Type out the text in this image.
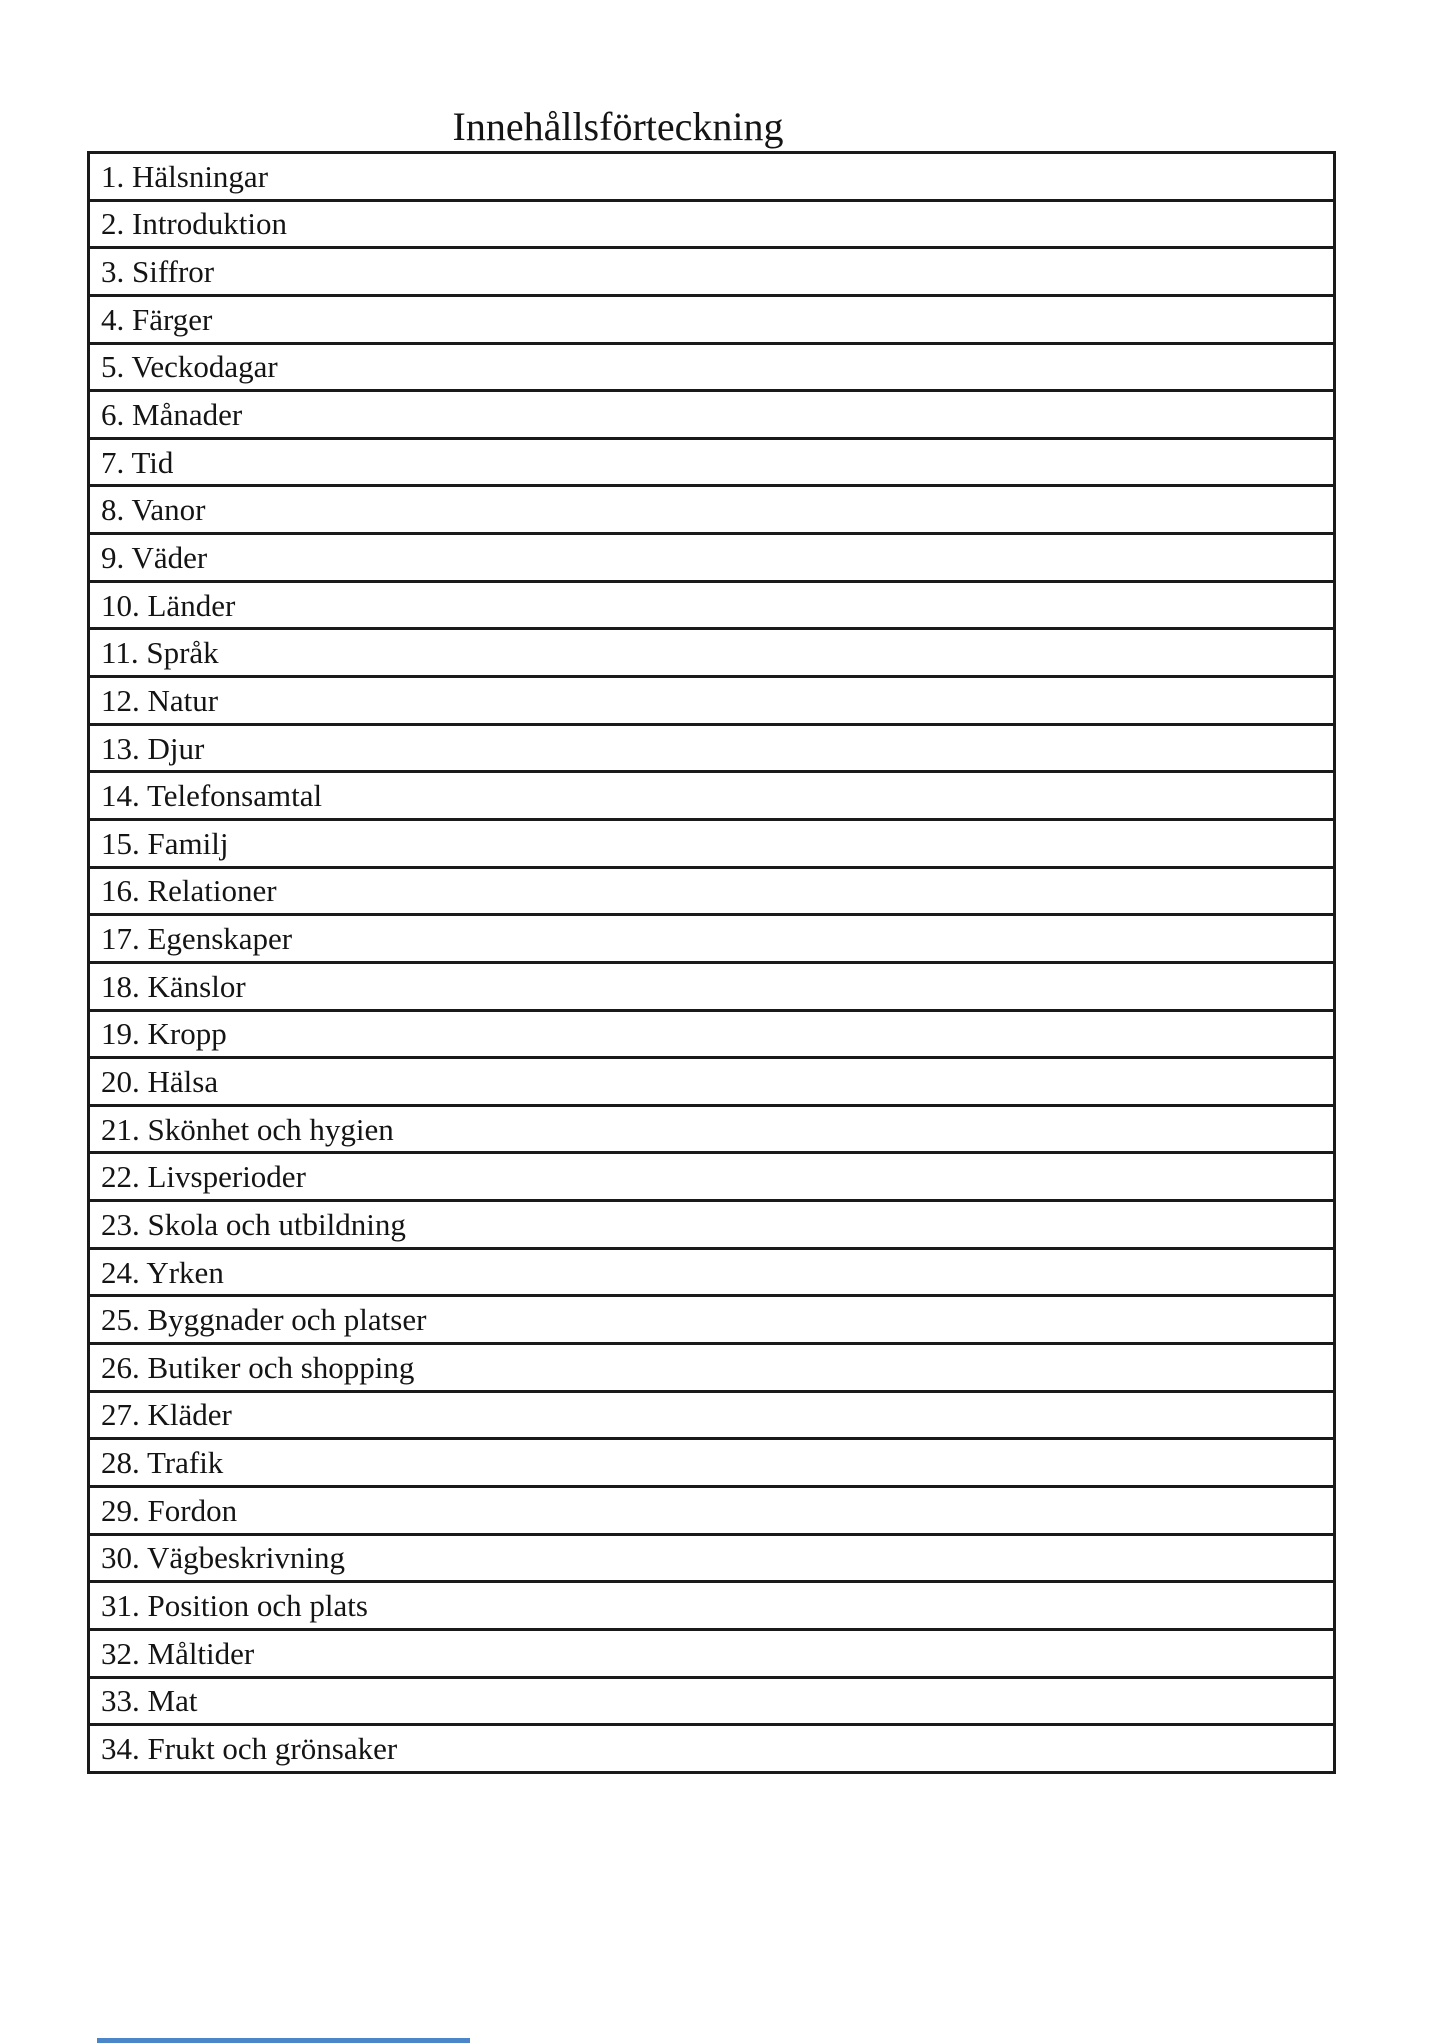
Innehållsförteckning
1. Hälsningar
2. Introduktion
3. Siffror
4. Färger
5. Veckodagar
6. Månader
7. Tid
8. Vanor
9. Väder
10. Länder
11. Språk
12. Natur
13. Djur
14. Telefonsamtal
15. Familj
16. Relationer
17. Egenskaper
18. Känslor
19. Kropp
20. Hälsa
21. Skönhet och hygien
22. Livsperioder
23. Skola och utbildning
24. Yrken
25. Byggnader och platser
26. Butiker och shopping
27. Kläder
28. Trafik
29. Fordon
30. Vägbeskrivning
31. Position och plats
32. Måltider
33. Mat
34. Frukt och grönsaker
